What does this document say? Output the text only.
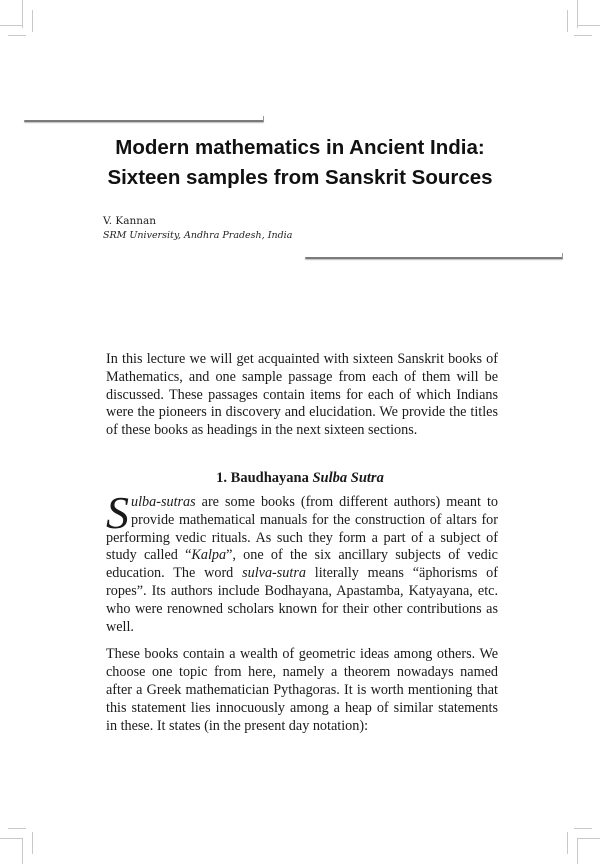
Modern mathematics in Ancient India:
Sixteen samples from Sanskrit Sources
V. Kannan
SRM University, Andhra Pradesh, India

In this lecture we will get acquainted with sixteen Sanskrit books of Mathematics, and one sample passage from each of them will be discussed. These passages contain items for each of which Indians were the pioneers in discovery and elucidation. We provide the titles of these books as headings in the next sixteen sections.

1. Baudhayana Sulba Sutra

Sulba-sutras are some books (from different authors) meant to provide mathematical manuals for the construction of altars for performing vedic rituals. As such they form a part of a subject of study called “Kalpa”, one of the six ancillary subjects of vedic education. The word sulva-sutra literally means “äphorisms of ropes”. Its authors include Bodhayana, Apastamba, Katyayana, etc. who were renowned scholars known for their other contributions as well.

These books contain a wealth of geometric ideas among others. We choose one topic from here, namely a theorem nowadays named after a Greek mathematician Pythagoras. It is worth mentioning that this statement lies innocuously among a heap of similar statements in these. It states (in the present day notation):
